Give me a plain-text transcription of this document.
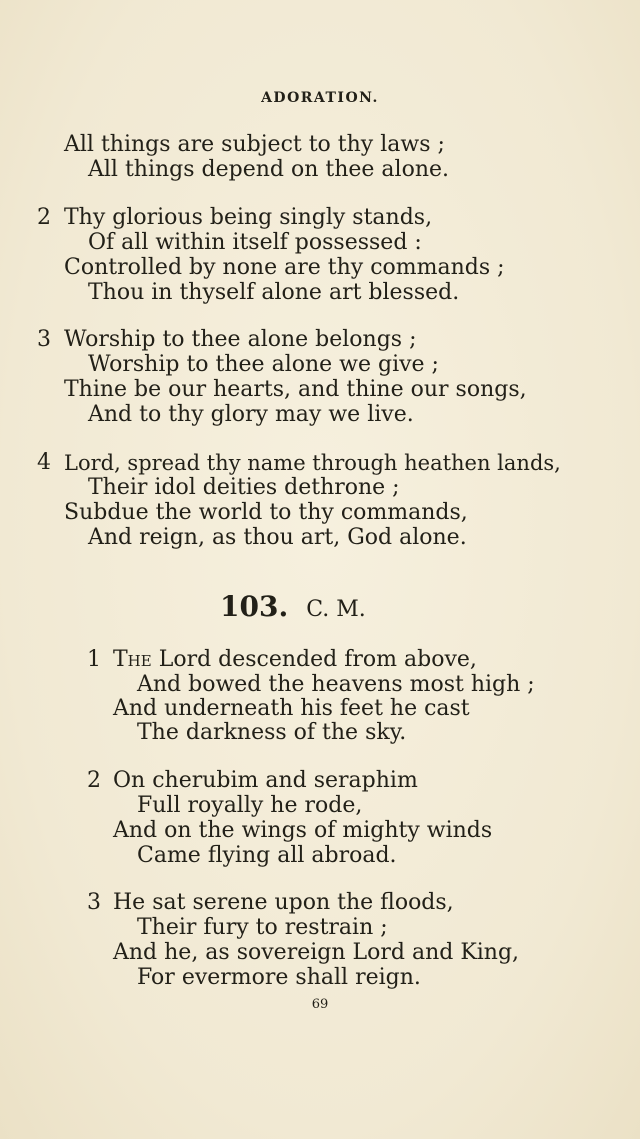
ADORATION.
All things are subject to thy laws ;
All things depend on thee alone.
2 Thy glorious being singly stands,
Of all within itself possessed :
Controlled by none are thy commands ;
Thou in thyself alone art blessed.
3 Worship to thee alone belongs ;
Worship to thee alone we give ;
Thine be our hearts, and thine our songs,
And to thy glory may we live.
4 Lord, spread thy name through heathen lands,
Their idol deities dethrone ;
Subdue the world to thy commands,
And reign, as thou art, God alone.
103. C. M.
1 The Lord descended from above,
And bowed the heavens most high ;
And underneath his feet he cast
The darkness of the sky.
2 On cherubim and seraphim
Full royally he rode,
And on the wings of mighty winds
Came flying all abroad.
3 He sat serene upon the floods,
Their fury to restrain ;
And he, as sovereign Lord and King,
For evermore shall reign.
69
